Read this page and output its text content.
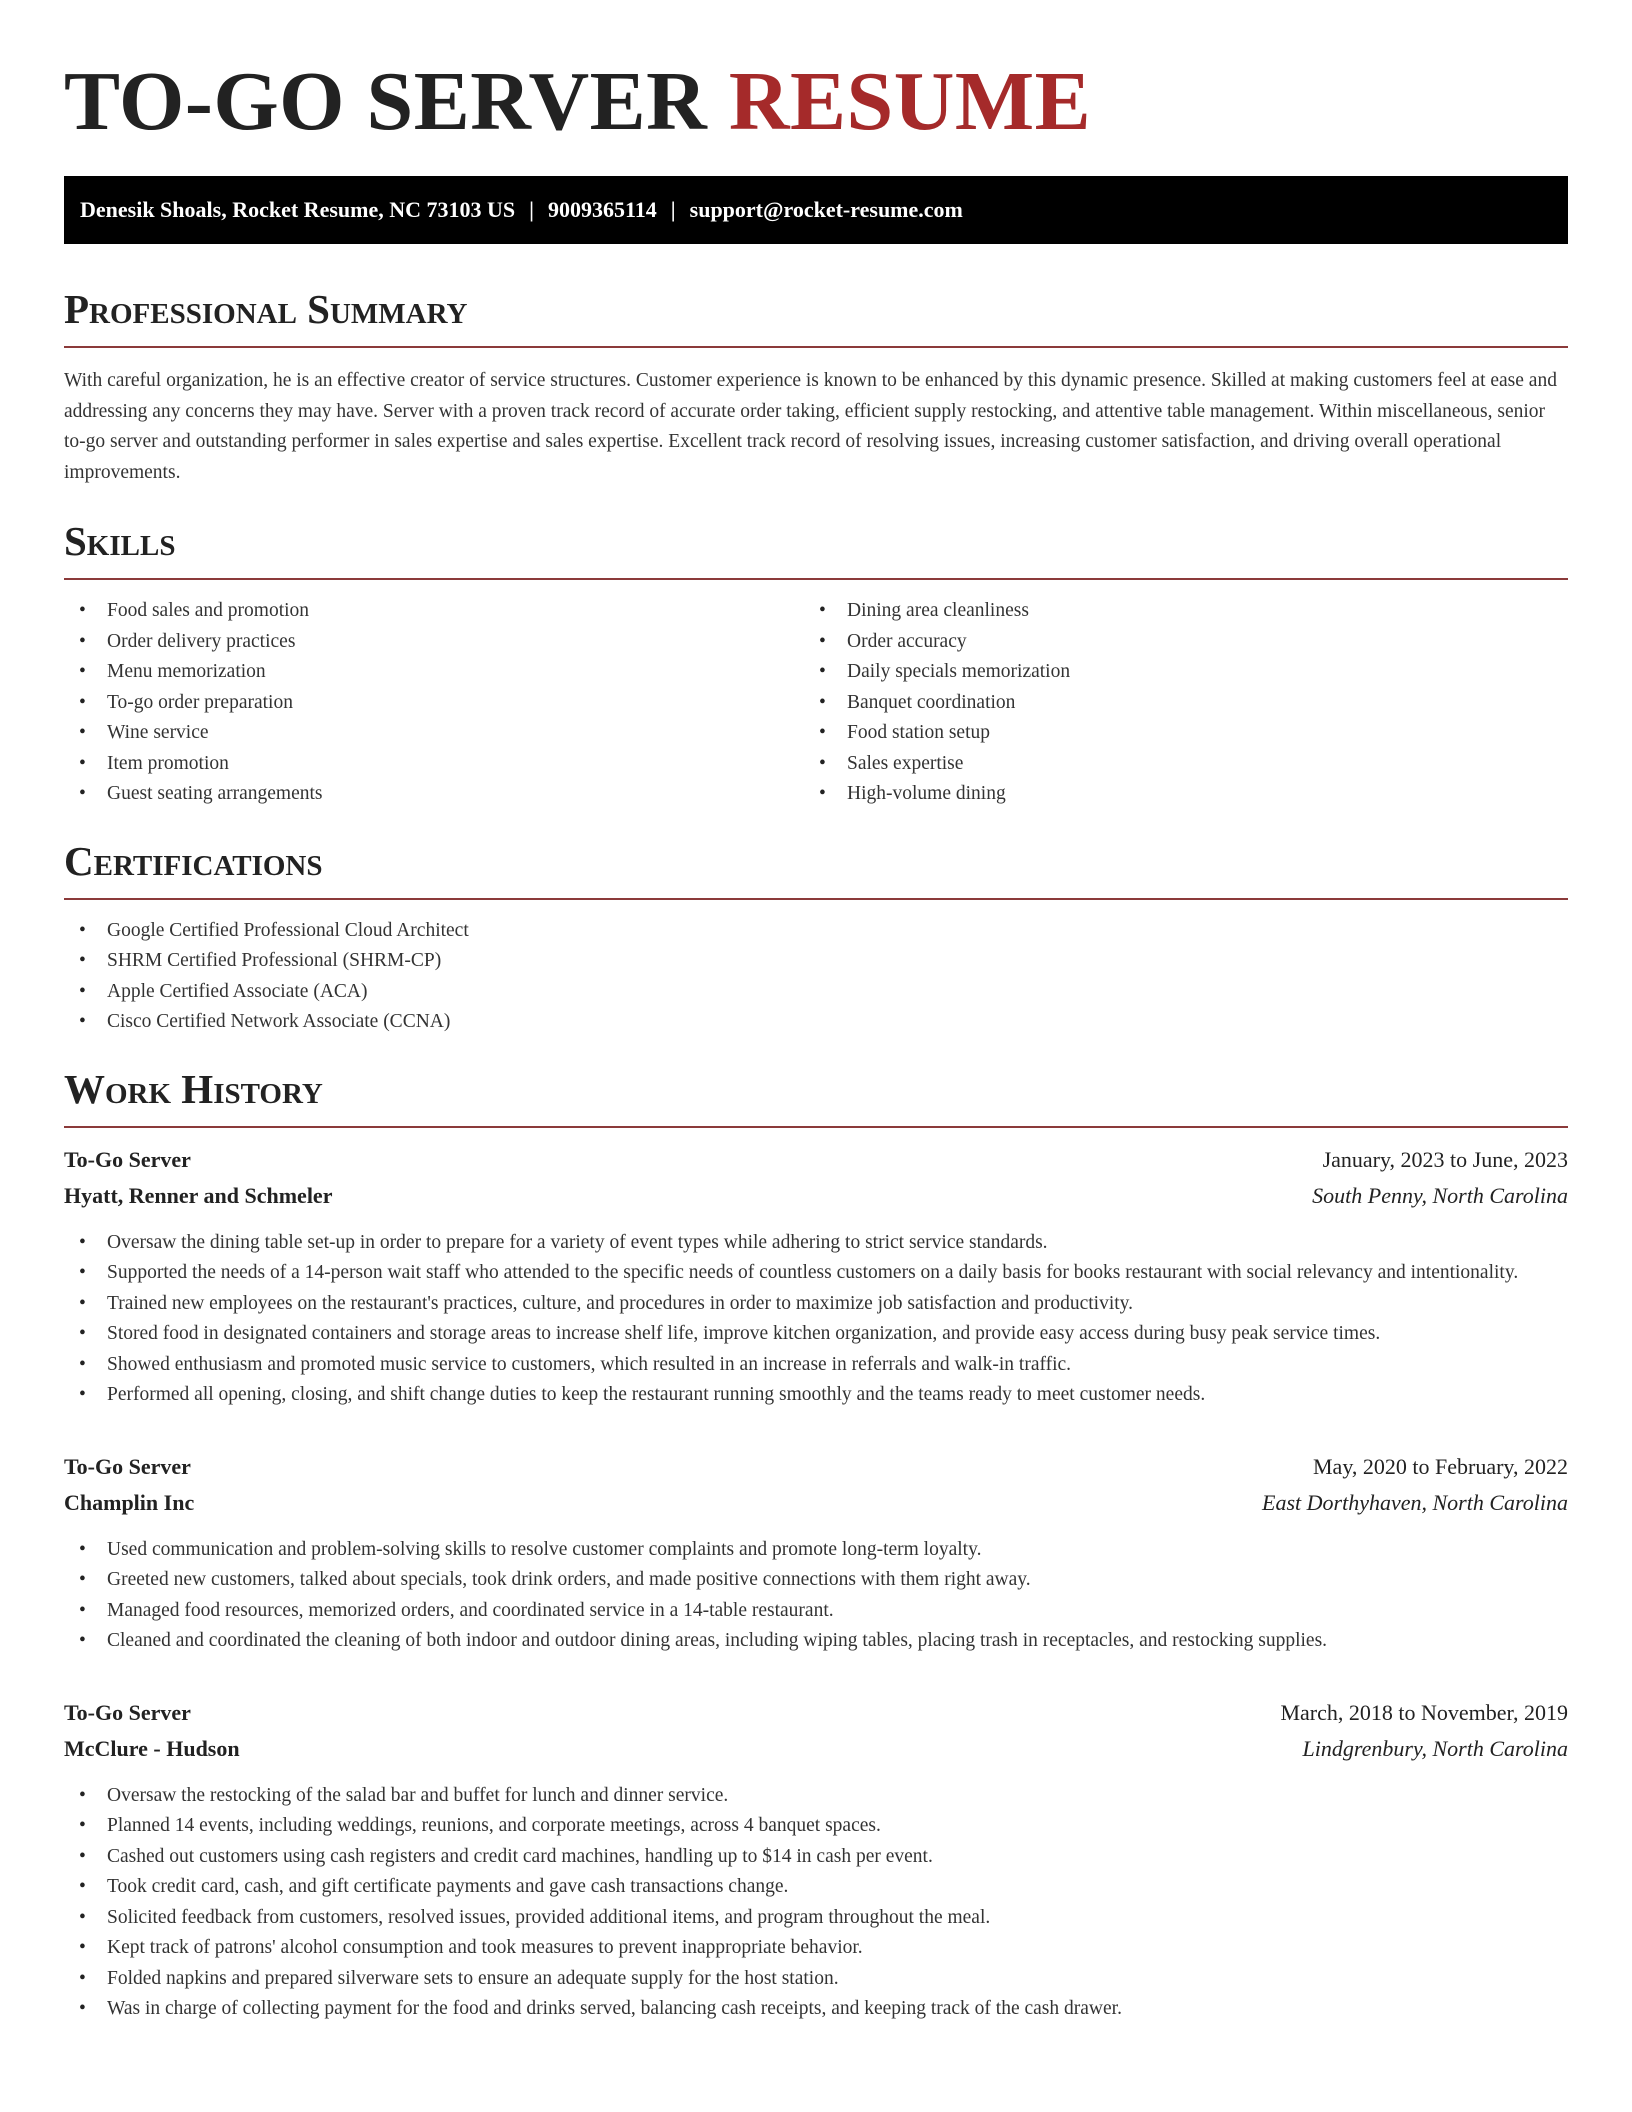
TO-GO SERVER RESUME
Denesik Shoals, Rocket Resume, NC 73103 US | 9009365114 | support@rocket-resume.com
Professional Summary

With careful organization, he is an effective creator of service structures. Customer experience is known to be enhanced by this dynamic presence. Skilled at making customers feel at ease and addressing any concerns they may have. Server with a proven track record of accurate order taking, efficient supply restocking, and attentive table management. Within miscellaneous, senior to-go server and outstanding performer in sales expertise and sales expertise. Excellent track record of resolving issues, increasing customer satisfaction, and driving overall operational improvements.

Skills
• Food sales and promotion
• Order delivery practices
• Menu memorization
• To-go order preparation
• Wine service
• Item promotion
• Guest seating arrangements
• Dining area cleanliness
• Order accuracy
• Daily specials memorization
• Banquet coordination
• Food station setup
• Sales expertise
• High-volume dining
Certifications
• Google Certified Professional Cloud Architect
• SHRM Certified Professional (SHRM-CP)
• Apple Certified Associate (ACA)
• Cisco Certified Network Associate (CCNA)
Work History
To-Go Server	January, 2023 to June, 2023
Hyatt, Renner and Schmeler	South Penny, North Carolina
• Oversaw the dining table set-up in order to prepare for a variety of event types while adhering to strict service standards.
• Supported the needs of a 14-person wait staff who attended to the specific needs of countless customers on a daily basis for books restaurant with social relevancy and intentionality.
• Trained new employees on the restaurant's practices, culture, and procedures in order to maximize job satisfaction and productivity.
• Stored food in designated containers and storage areas to increase shelf life, improve kitchen organization, and provide easy access during busy peak service times.
• Showed enthusiasm and promoted music service to customers, which resulted in an increase in referrals and walk-in traffic.
• Performed all opening, closing, and shift change duties to keep the restaurant running smoothly and the teams ready to meet customer needs.
To-Go Server	May, 2020 to February, 2022
Champlin Inc	East Dorthyhaven, North Carolina
• Used communication and problem-solving skills to resolve customer complaints and promote long-term loyalty.
• Greeted new customers, talked about specials, took drink orders, and made positive connections with them right away.
• Managed food resources, memorized orders, and coordinated service in a 14-table restaurant.
• Cleaned and coordinated the cleaning of both indoor and outdoor dining areas, including wiping tables, placing trash in receptacles, and restocking supplies.
To-Go Server	March, 2018 to November, 2019
McClure - Hudson	Lindgrenbury, North Carolina
• Oversaw the restocking of the salad bar and buffet for lunch and dinner service.
• Planned 14 events, including weddings, reunions, and corporate meetings, across 4 banquet spaces.
• Cashed out customers using cash registers and credit card machines, handling up to $14 in cash per event.
• Took credit card, cash, and gift certificate payments and gave cash transactions change.
• Solicited feedback from customers, resolved issues, provided additional items, and program throughout the meal.
• Kept track of patrons' alcohol consumption and took measures to prevent inappropriate behavior.
• Folded napkins and prepared silverware sets to ensure an adequate supply for the host station.
• Was in charge of collecting payment for the food and drinks served, balancing cash receipts, and keeping track of the cash drawer.
